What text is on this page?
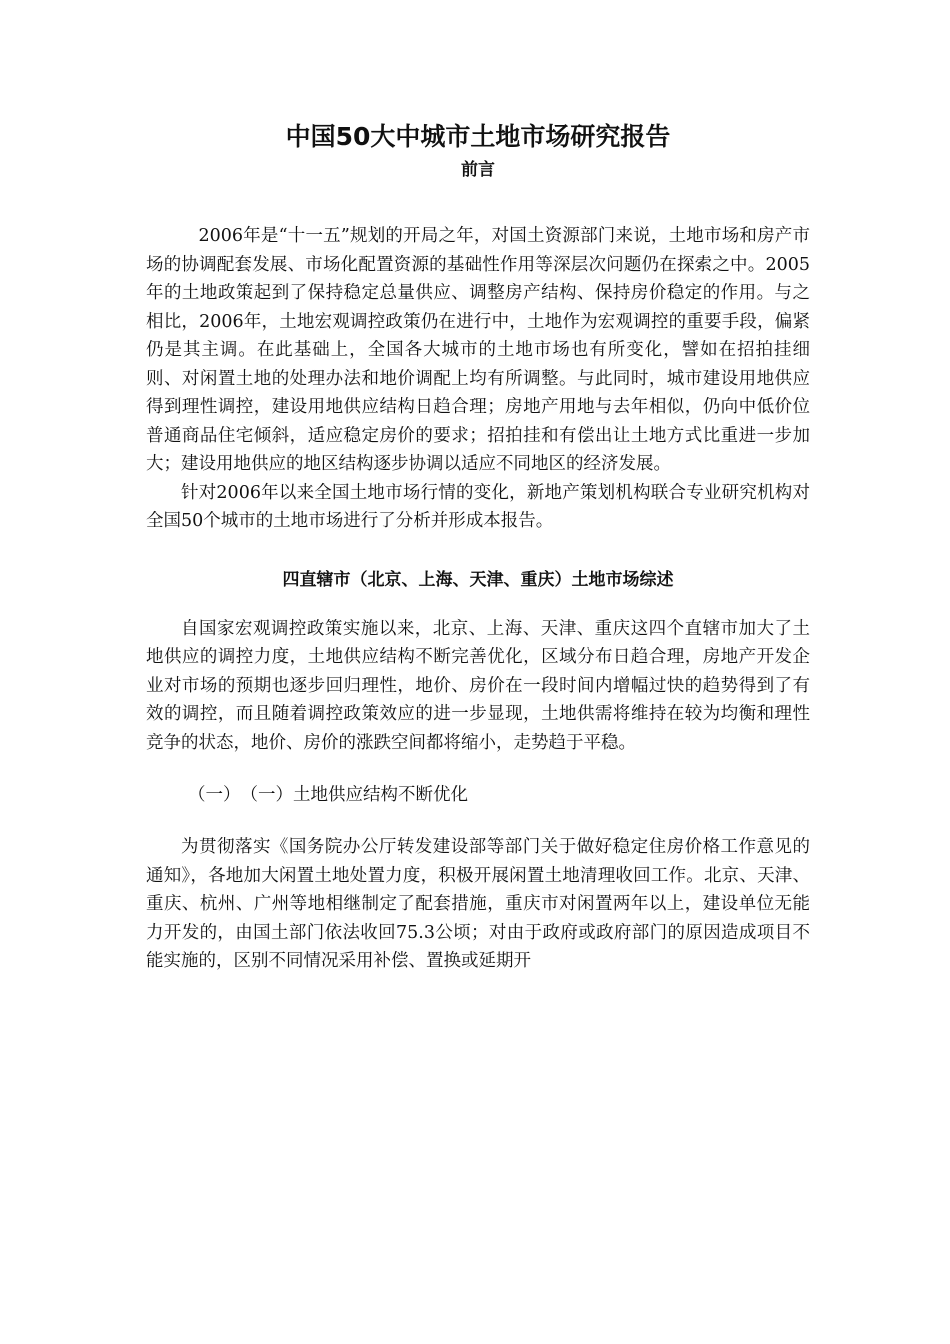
中国50大中城市土地市场研究报告
前言

2006年是“十一五”规划的开局之年，对国土资源部门来说，土地市场和房产市场的协调配套发展、市场化配置资源的基础性作用等深层次问题仍在探索之中。2005年的土地政策起到了保持稳定总量供应、调整房产结构、保持房价稳定的作用。与之相比，2006年，土地宏观调控政策仍在进行中，土地作为宏观调控的重要手段，偏紧仍是其主调。在此基础上，全国各大城市的土地市场也有所变化，譬如在招拍挂细则、对闲置土地的处理办法和地价调配上均有所调整。与此同时，城市建设用地供应得到理性调控，建设用地供应结构日趋合理；房地产用地与去年相似，仍向中低价位普通商品住宅倾斜，适应稳定房价的要求；招拍挂和有偿出让土地方式比重进一步加大；建设用地供应的地区结构逐步协调以适应不同地区的经济发展。

针对2006年以来全国土地市场行情的变化，新地产策划机构联合专业研究机构对全国50个城市的土地市场进行了分析并形成本报告。

四直辖市（北京、上海、天津、重庆）土地市场综述

自国家宏观调控政策实施以来，北京、上海、天津、重庆这四个直辖市加大了土地供应的调控力度，土地供应结构不断完善优化，区域分布日趋合理，房地产开发企业对市场的预期也逐步回归理性，地价、房价在一段时间内增幅过快的趋势得到了有效的调控，而且随着调控政策效应的进一步显现，土地供需将维持在较为均衡和理性竞争的状态，地价、房价的涨跌空间都将缩小，走势趋于平稳。

（一）　（一）土地供应结构不断优化

为贯彻落实《国务院办公厅转发建设部等部门关于做好稳定住房价格工作意见的通知》，各地加大闲置土地处置力度，积极开展闲置土地清理收回工作。北京、天津、重庆、杭州、广州等地相继制定了配套措施，重庆市对闲置两年以上，建设单位无能力开发的，由国土部门依法收回75.3公顷；对由于政府或政府部门的原因造成项目不能实施的，区别不同情况采用补偿、置换或延期开
